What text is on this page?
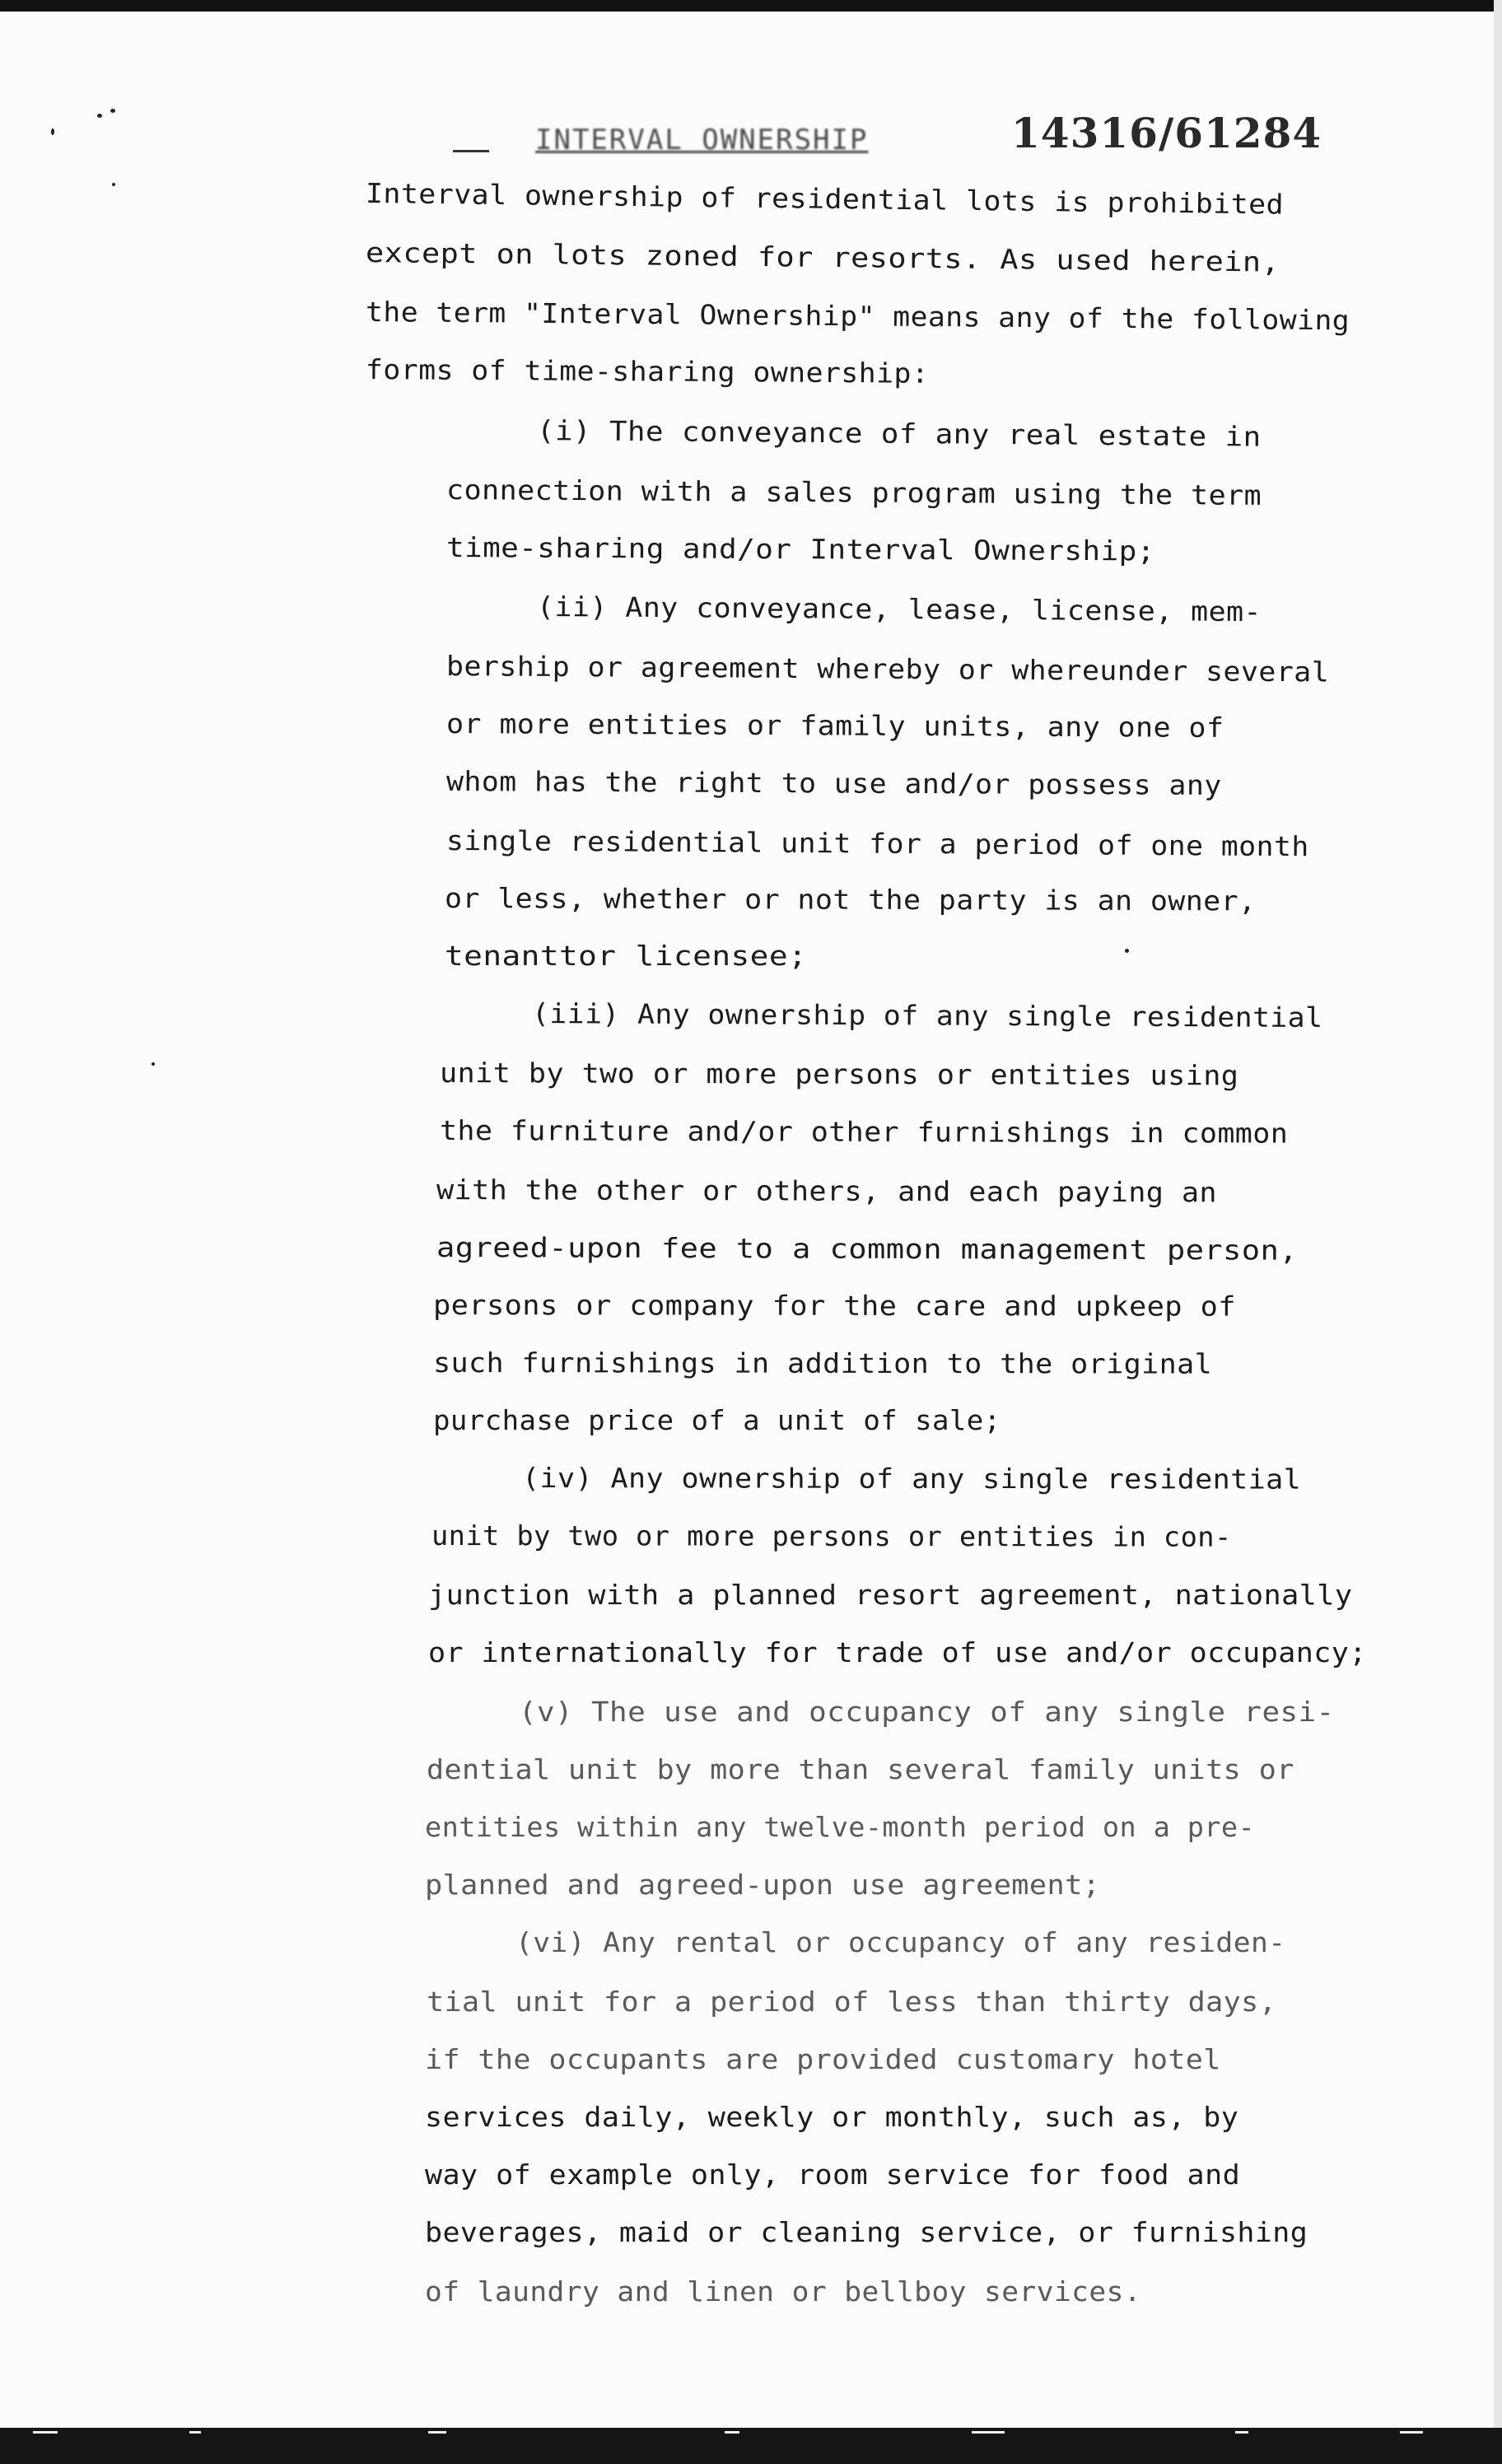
INTERVAL OWNERSHIP	14316/61284
Interval ownership of residential lots is prohibited
except on lots zoned for resorts. As used herein,
the term "Interval Ownership" means any of the following
forms of time-sharing ownership:
(i) The conveyance of any real estate in
connection with a sales program using the term
time-sharing and/or Interval Ownership;
(ii) Any conveyance, lease, license, mem-
bership or agreement whereby or whereunder several
or more entities or family units, any one of
whom has the right to use and/or possess any
single residential unit for a period of one month
or less, whether or not the party is an owner,
tenanttor licensee;
(iii) Any ownership of any single residential
unit by two or more persons or entities using
the furniture and/or other furnishings in common
with the other or others, and each paying an
agreed-upon fee to a common management person,
persons or company for the care and upkeep of
such furnishings in addition to the original
purchase price of a unit of sale;
(iv) Any ownership of any single residential
unit by two or more persons or entities in con-
junction with a planned resort agreement, nationally
or internationally for trade of use and/or occupancy;
(v) The use and occupancy of any single resi-
dential unit by more than several family units or
entities within any twelve-month period on a pre-
planned and agreed-upon use agreement;
(vi) Any rental or occupancy of any residen-
tial unit for a period of less than thirty days,
if the occupants are provided customary hotel
services daily, weekly or monthly, such as, by
way of example only, room service for food and
beverages, maid or cleaning service, or furnishing
of laundry and linen or bellboy services.
